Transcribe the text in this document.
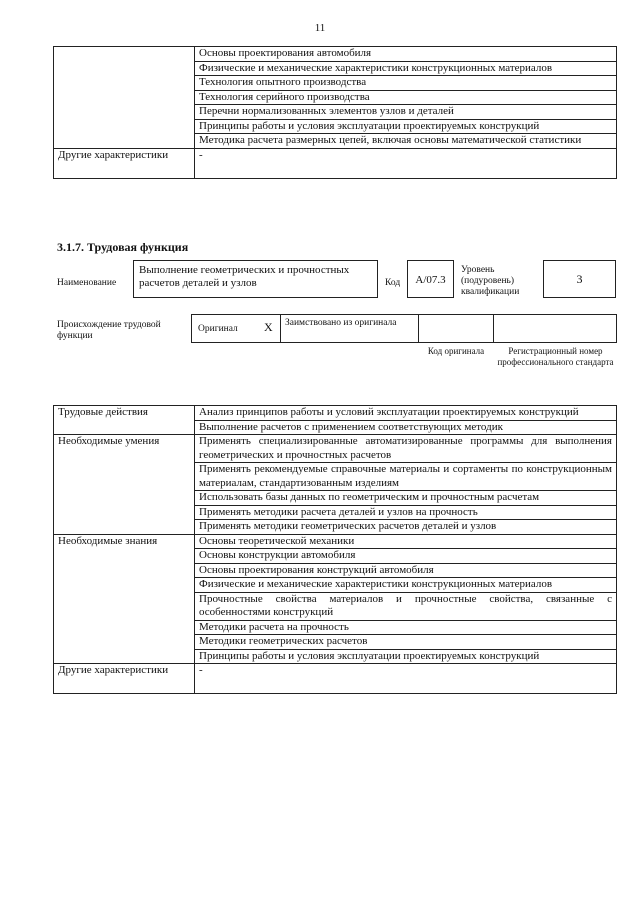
11
	Основы проектирования автомобиля
	Физические и механические характеристики конструкционных материалов
	Технология опытного производства
	Технология серийного производства
	Перечни нормализованных элементов узлов и деталей
	Принципы работы и условия эксплуатации проектируемых конструкций
	Методика расчета размерных цепей, включая основы математической статистики
Другие характеристики	-
3.1.7. Трудовая функция
Наименование
Выполнение геометрических и прочностных расчетов деталей и узлов	Код	А/07.3
Уровень (подуровень) квалификации
3
Происхождение трудовой функции
Оригинал X Заимствовано из оригинала
Код оригинала	Регистрационный номер профессионального стандарта
Трудовые действия	Анализ принципов работы и условий эксплуатации проектируемых конструкций
	Выполнение расчетов с применением соответствующих методик
Необходимые умения	Применять специализированные автоматизированные программы для выполнения геометрических и прочностных расчетов
	Применять рекомендуемые справочные материалы и сортаменты по конструкционным материалам, стандартизованным изделиям
	Использовать базы данных по геометрическим и прочностным расчетам
	Применять методики расчета деталей и узлов на прочность
	Применять методики геометрических расчетов деталей и узлов
Необходимые знания	Основы теоретической механики
	Основы конструкции автомобиля
	Основы проектирования конструкций автомобиля
	Физические и механические характеристики конструкционных материалов
	Прочностные свойства материалов и прочностные свойства, связанные с особенностями конструкций
	Методики расчета на прочность
	Методики геометрических расчетов
	Принципы работы и условия эксплуатации проектируемых конструкций
Другие характеристики	-
